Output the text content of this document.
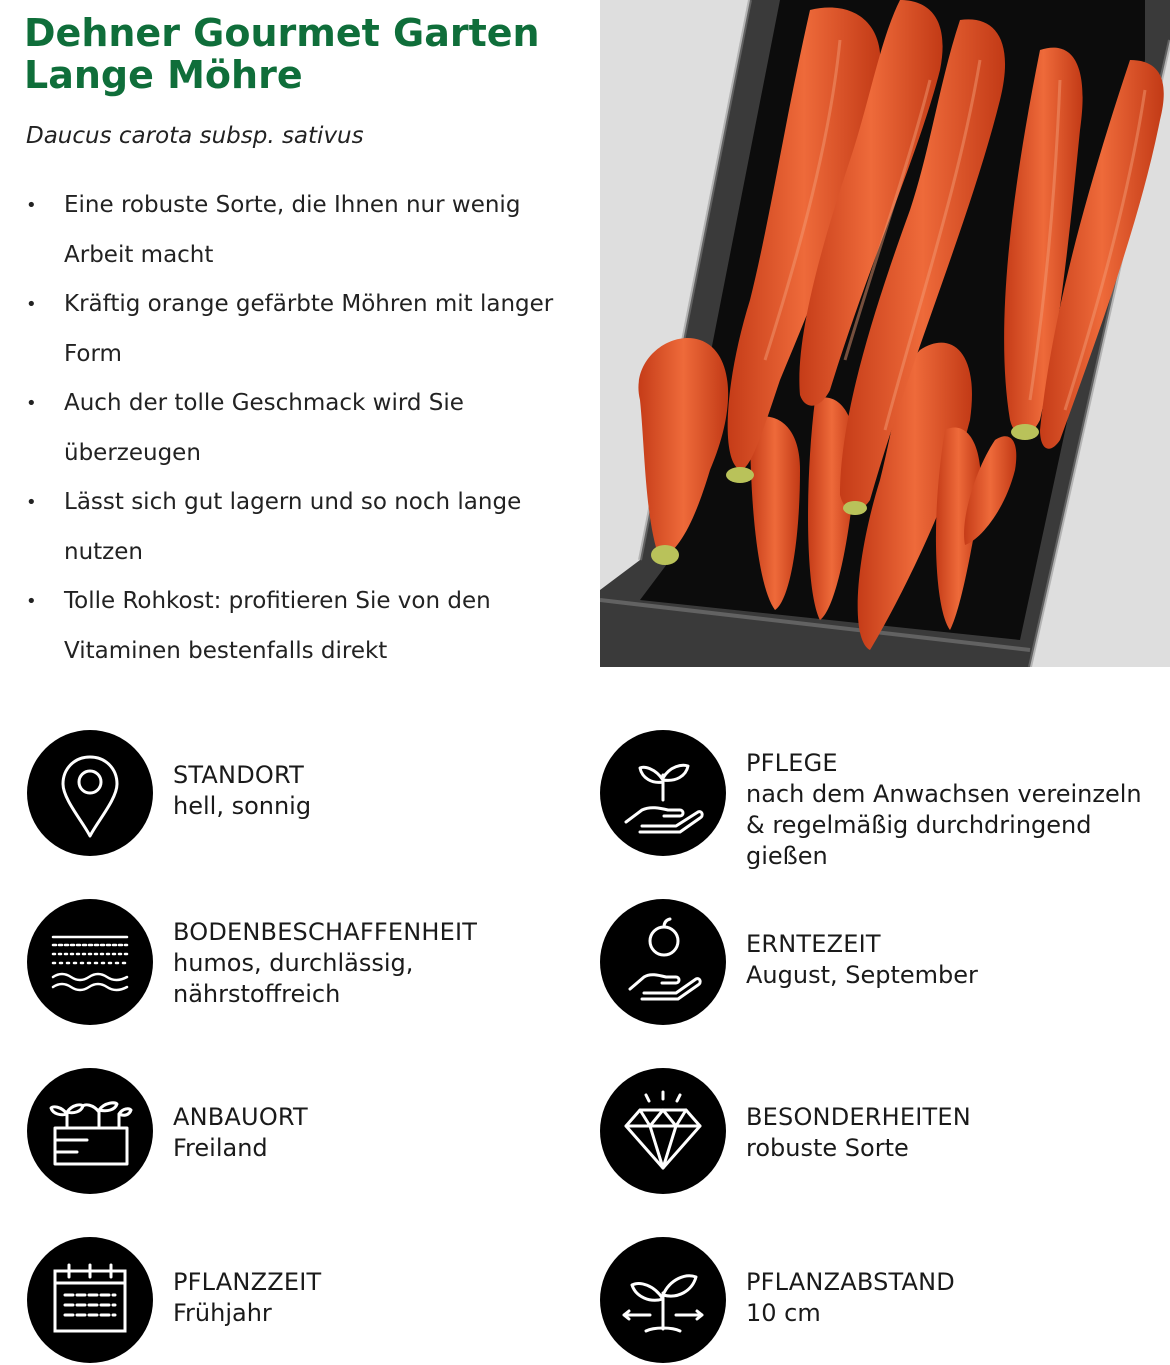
Dehner Gourmet Garten
Lange Möhre
Daucus carota subsp. sativus
• Eine robuste Sorte, die Ihnen nur wenig Arbeit macht
• Kräftig orange gefärbte Möhren mit langer Form
• Auch der tolle Geschmack wird Sie überzeugen
• Lässt sich gut lagern und so noch lange nutzen
• Tolle Rohkost: profitieren Sie von den Vitaminen bestenfalls direkt
STANDORT
hell, sonnig
PFLEGE
nach dem Anwachsen vereinzeln & regelmäßig durchdringend gießen
BODENBESCHAFFENHEIT
humos, durchlässig, nährstoffreich
ERNTEZEIT
August, September
ANBAUORT
Freiland
BESONDERHEITEN
robuste Sorte
PFLANZZEIT
Frühjahr
PFLANZABSTAND
10 cm
